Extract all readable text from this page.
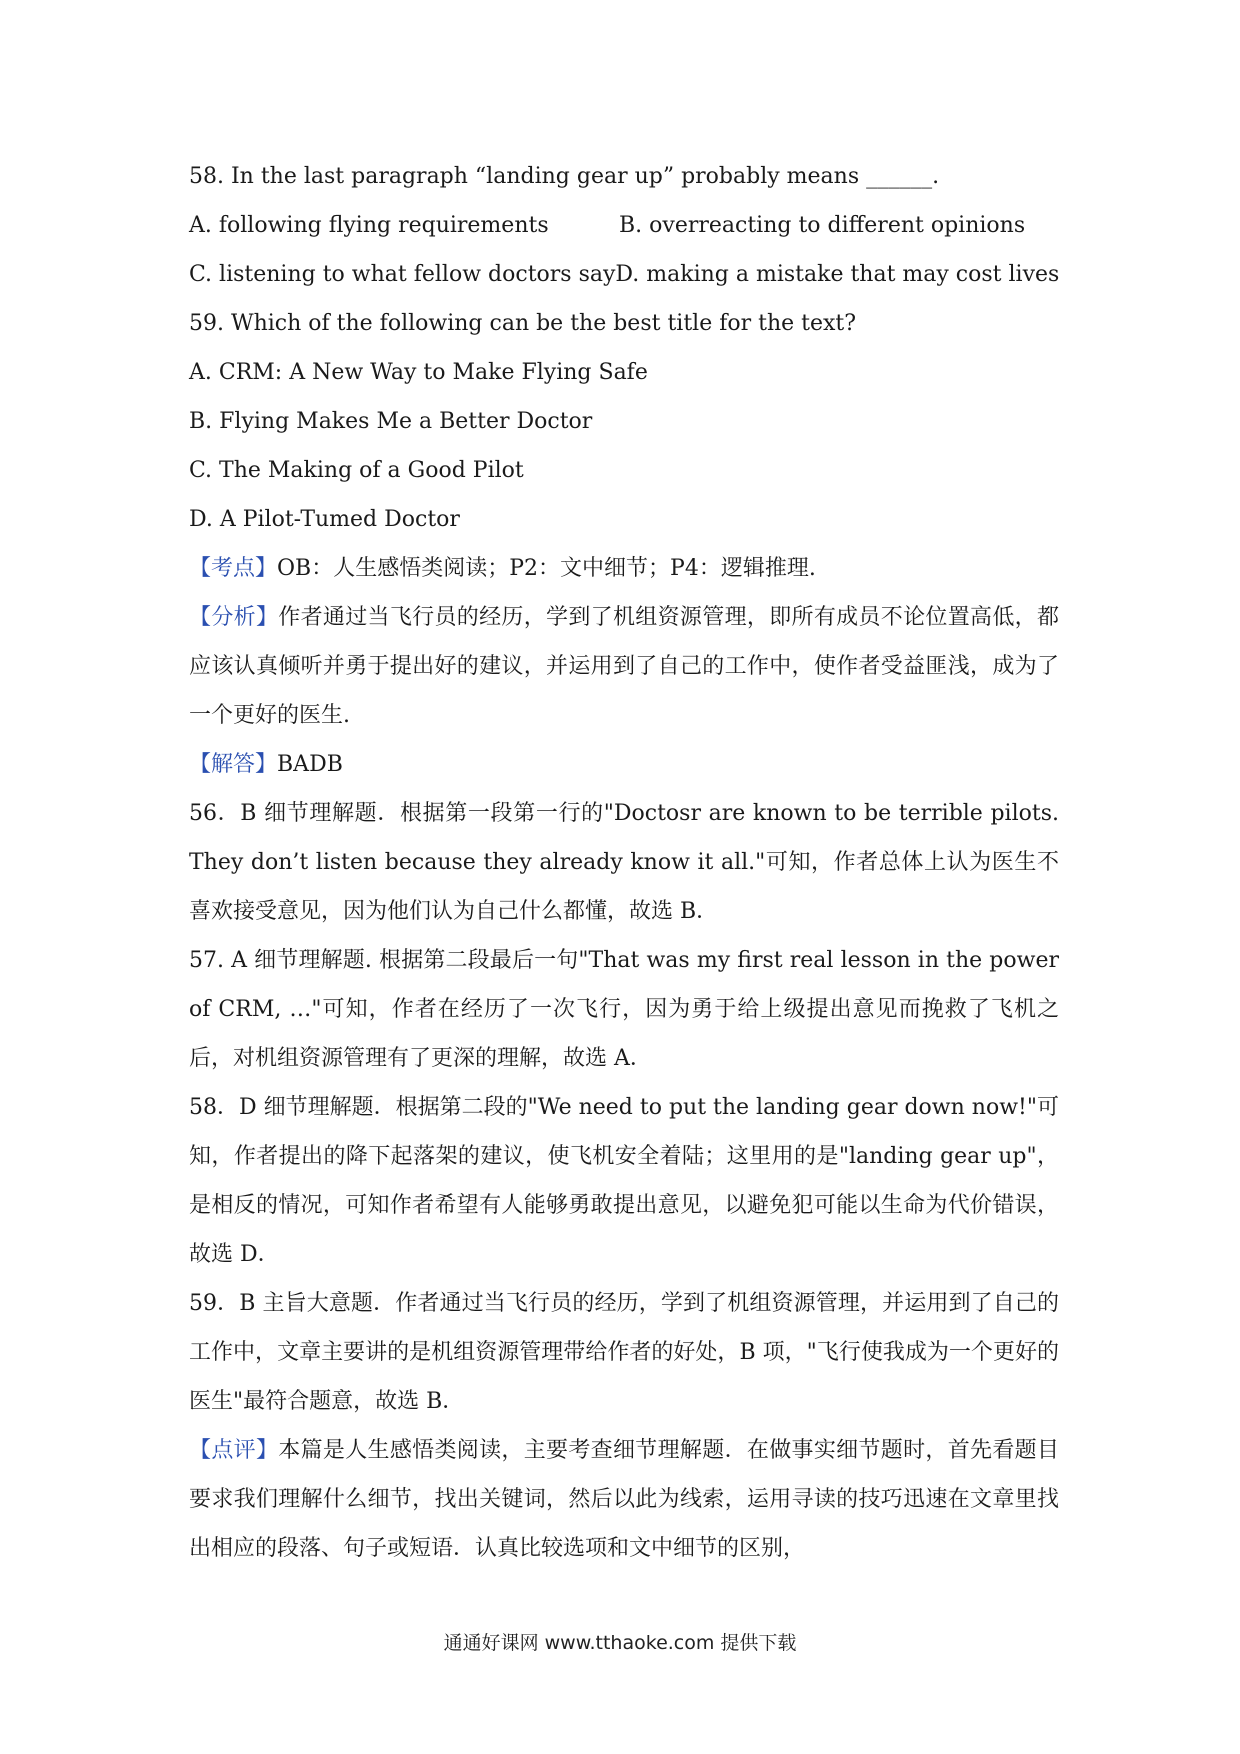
58. In the last paragraph “landing gear up” probably means ______.
A. following flying requirements	B. overreacting to different opinions
C. listening to what fellow doctors say D. making a mistake that may cost lives
59. Which of the following can be the best title for the text?
A. CRM: A New Way to Make Flying Safe
B. Flying Makes Me a Better Doctor
C. The Making of a Good Pilot
D. A Pilot-Tumed Doctor
【考点】OB：人生感悟类阅读；P2：文中细节；P4：逻辑推理.
【分析】作者通过当飞行员的经历，学到了机组资源管理，即所有成员不论位置高低，都应该认真倾听并勇于提出好的建议，并运用到了自己的工作中，使作者受益匪浅，成为了一个更好的医生.
【解答】BADB
56．B 细节理解题．根据第一段第一行的"Doctosr are known to be terrible pilots. They don’t listen because they already know it all."可知，作者总体上认为医生不喜欢接受意见，因为他们认为自己什么都懂，故选 B．
57. A 细节理解题. 根据第二段最后一句"That was my first real lesson in the power of CRM, …"可知，作者在经历了一次飞行，因为勇于给上级提出意见而挽救了飞机之后，对机组资源管理有了更深的理解，故选 A．
58．D 细节理解题．根据第二段的"We need to put the landing gear down now!"可知，作者提出的降下起落架的建议，使飞机安全着陆；这里用的是"landing gear up"，是相反的情况，可知作者希望有人能够勇敢提出意见，以避免犯可能以生命为代价错误，故选 D．
59．B 主旨大意题．作者通过当飞行员的经历，学到了机组资源管理，并运用到了自己的工作中，文章主要讲的是机组资源管理带给作者的好处，B 项，"飞行使我成为一个更好的医生"最符合题意，故选 B．
【点评】本篇是人生感悟类阅读，主要考查细节理解题．在做事实细节题时，首先看题目要求我们理解什么细节，找出关键词，然后以此为线索，运用寻读的技巧迅速在文章里找出相应的段落、句子或短语．认真比较选项和文中细节的区别，
通通好课网 www.tthaoke.com 提供下载
